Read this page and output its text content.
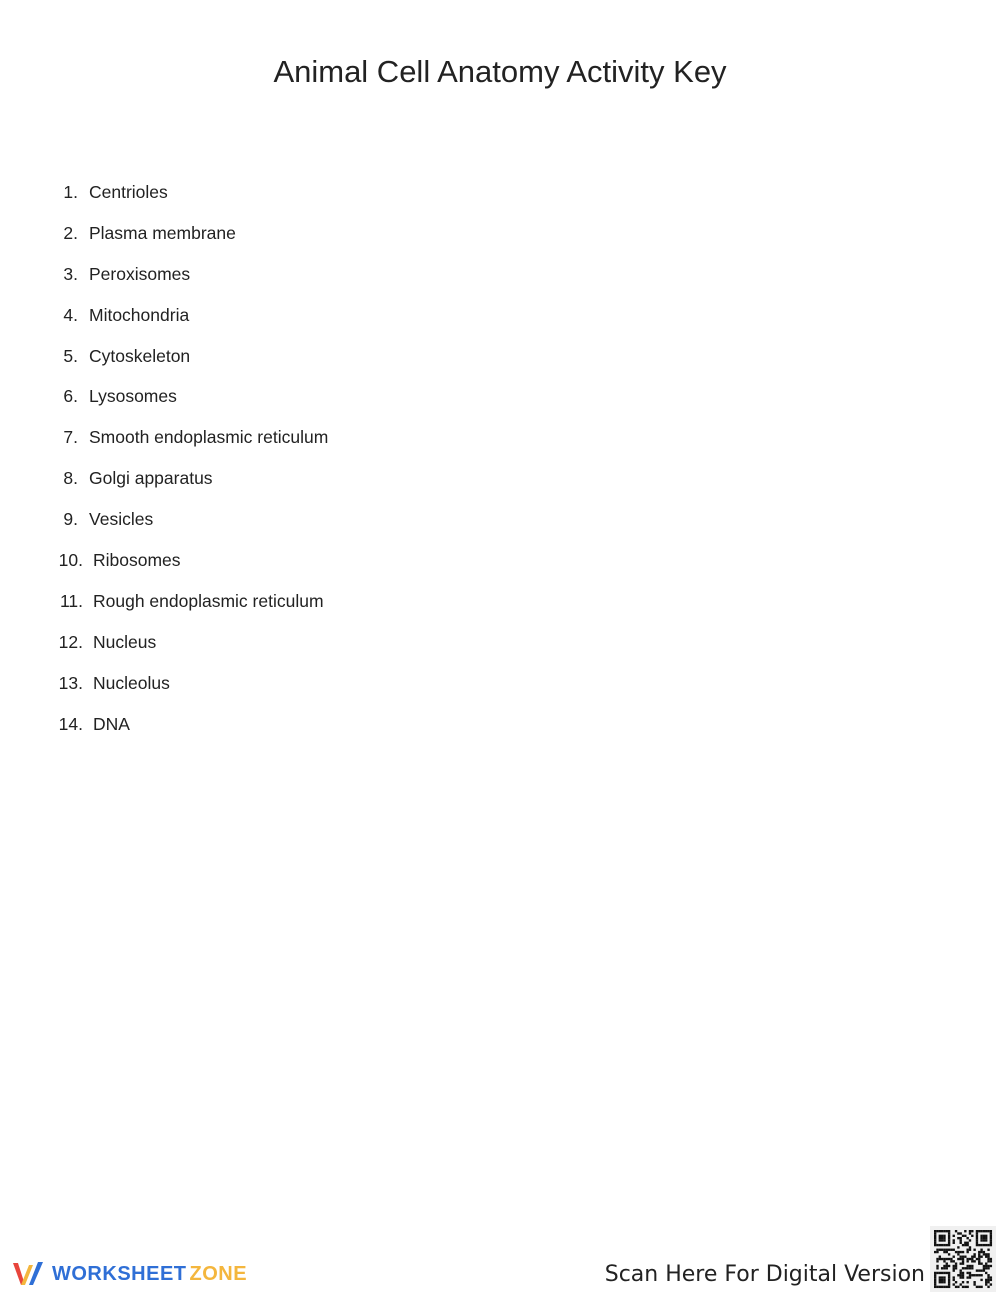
Animal Cell Anatomy Activity Key
1. Centrioles
2. Plasma membrane
3. Peroxisomes
4. Mitochondria
5. Cytoskeleton
6. Lysosomes
7. Smooth endoplasmic reticulum
8. Golgi apparatus
9. Vesicles
10. Ribosomes
11. Rough endoplasmic reticulum
12. Nucleus
13. Nucleolus
14. DNA
WORKSHEET ZONE	Scan Here For Digital Version
